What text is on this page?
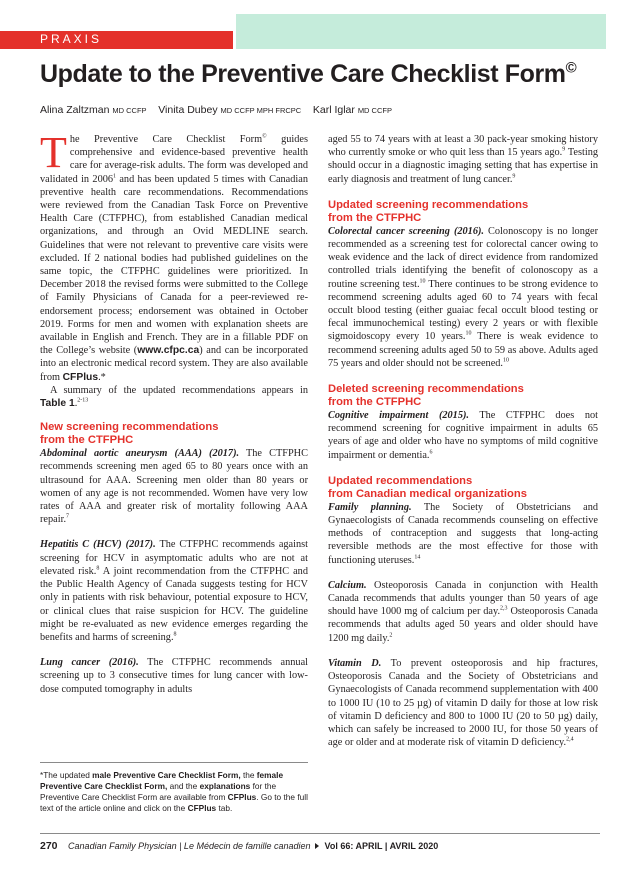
PRAXIS
Update to the Preventive Care Checklist Form©
Alina Zaltzman MD CCFP Vinita Dubey MD CCFP MPH FRCPC Karl Iglar MD CCFP

The Preventive Care Checklist Form© guides comprehensive and evidence-based preventive health care for average-risk adults. The form was developed and validated in 2006$^1$ and has been updated 5 times with Canadian preventive health care recommendations. Recommendations were reviewed from the Canadian Task Force on Preventive Health Care (CTFPHC), from established Canadian medical organizations, and through an Ovid MEDLINE search. Guidelines that were not relevant to preventive care visits were excluded. If 2 national bodies had published guidelines on the same topic, the CTFPHC guidelines were prioritized. In December 2018 the revised forms were submitted to the College of Family Physicians of Canada for a peer-reviewed re-endorsement process; endorsement was obtained in October 2019. Forms for men and women with explanation sheets are available in English and French. They are in a fillable PDF on the College’s website (www.cfpc.ca) and can be incorporated into an electronic medical record system. They are also available from CFPlus.*

A summary of the updated recommendations appears in Table 1.$^{2-13}$

New screening recommendations
from the CTFPHC

Abdominal aortic aneurysm (AAA) (2017). The CTFPHC recommends screening men aged 65 to 80 years once with an ultrasound for AAA. Screening men older than 80 years or women of any age is not recommended. Women have very low rates of AAA and greater risk of mortality following AAA repair.$^7$

Hepatitis C (HCV) (2017). The CTFPHC recommends against screening for HCV in asymptomatic adults who are not at elevated risk.$^8$ A joint recommendation from the CTFPHC and the Public Health Agency of Canada suggests testing for HCV only in patients with risk behaviour, potential exposure to HCV, or clinical clues that raise suspicion for HCV. The guideline might be re-evaluated as new evidence emerges regarding the benefits and harms of screening.$^8$

Lung cancer (2016). The CTFPHC recommends annual screening up to 3 consecutive times for lung cancer with low-dose computed tomography in adults

*The updated male Preventive Care Checklist Form, the female Preventive Care Checklist Form, and the explanations for the Preventive Care Checklist Form are available from CFPlus. Go to the full text of the article online and click on the CFPlus tab.

aged 55 to 74 years with at least a 30 pack-year smoking history who currently smoke or who quit less than 15 years ago.$^9$ Testing should occur in a diagnostic imaging setting that has expertise in early diagnosis and treatment of lung cancer.$^9$

Updated screening recommendations
from the CTFPHC

Colorectal cancer screening (2016). Colonoscopy is no longer recommended as a screening test for colorectal cancer owing to weak evidence and the lack of direct evidence from randomized controlled trials identifying the benefit of colonoscopy as a routine screening test.$^{10}$ There continues to be strong evidence to recommend screening adults aged 60 to 74 years with fecal occult blood testing (either guaiac fecal occult blood testing or fecal immunochemical testing) every 2 years or with flexible sigmoidoscopy every 10 years.$^{10}$ There is weak evidence to recommend screening adults aged 50 to 59 as above. Adults aged 75 years and older should not be screened.$^{10}$

Deleted screening recommendations
from the CTFPHC

Cognitive impairment (2015). The CTFPHC does not recommend screening for cognitive impairment in adults 65 years of age and older who have no symptoms of mild cognitive impairment or dementia.$^6$

Updated recommendations
from Canadian medical organizations

Family planning. The Society of Obstetricians and Gynaecologists of Canada recommends counseling on effective methods of contraception and suggests that long-acting reversible methods are the most effective for those with functioning uteruses.$^{14}$

Calcium. Osteoporosis Canada in conjunction with Health Canada recommends that adults younger than 50 years of age should have 1000 mg of calcium per day.$^{2,3}$ Osteoporosis Canada recommends that adults aged 50 years and older should have 1200 mg daily.$^2$

Vitamin D. To prevent osteoporosis and hip fractures, Osteoporosis Canada and the Society of Obstetricians and Gynaecologists of Canada recommend supplementation with 400 to 1000 IU (10 to 25 µg) of vitamin D daily for those at low risk of vitamin D deficiency and 800 to 1000 IU (20 to 50 µg) daily, which can safely be increased to 2000 IU, for those 50 years of age or older and at moderate risk of vitamin D deficiency.$^{2,4}$

270 Canadian Family Physician | Le Médecin de famille canadien Vol 66: APRIL | AVRIL 2020
